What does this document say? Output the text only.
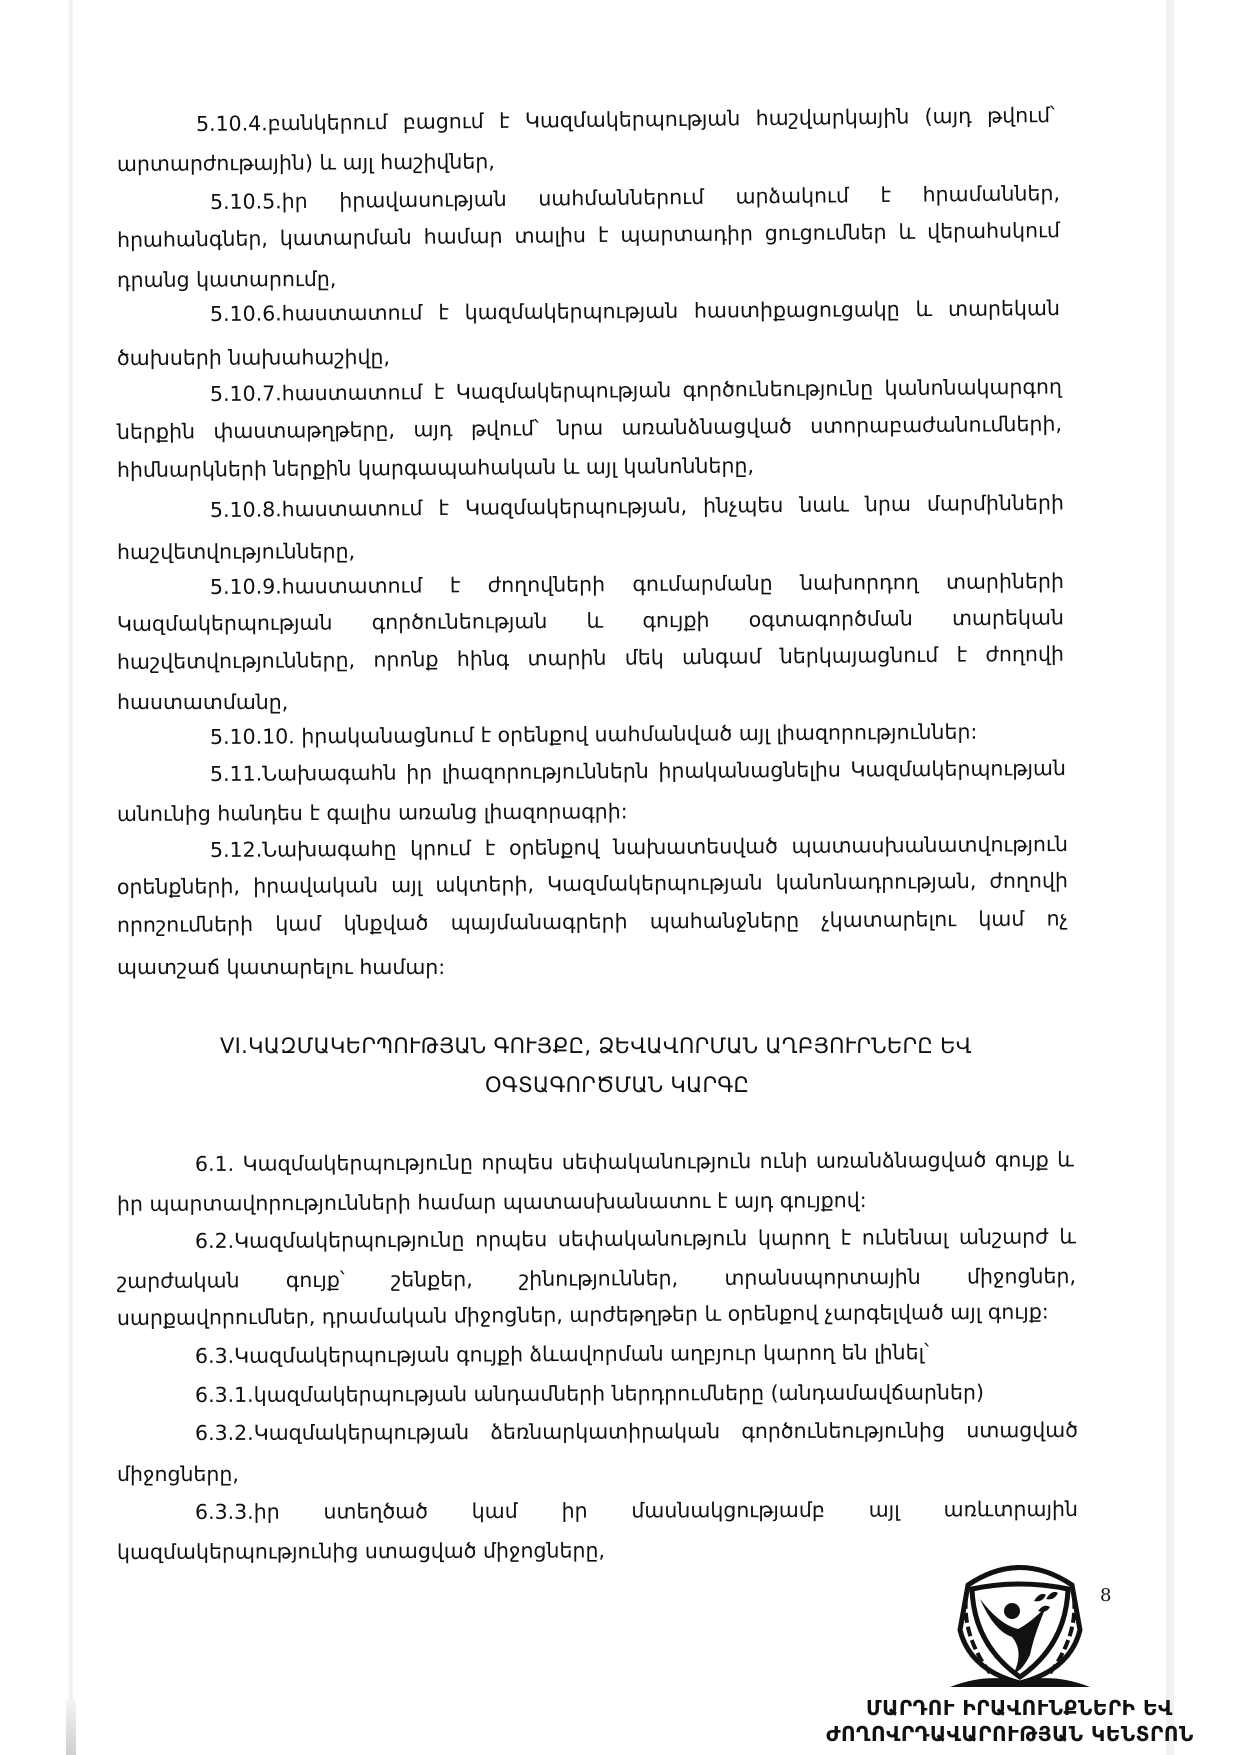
5.10.4.բանկերում բացում է Կազմակերպության հաշվարկային (այդ թվում՝
արտարժութային) և այլ հաշիվներ,
5.10.5.իր իրավասության սահմաններում արձակում է հրամաններ,
հրահանգներ, կատարման համար տալիս է պարտադիր ցուցումներ և վերահսկում
դրանց կատարումը,
5.10.6.հաստատում է կազմակերպության հաստիքացուցակը և տարեկան
ծախսերի նախահաշիվը,
5.10.7.հաստատում է Կազմակերպության գործունեությունը կանոնակարգող
ներքին փաստաթղթերը, այդ թվում՝ նրա առանձնացված ստորաբաժանումների,
հիմնարկների ներքին կարգապահական և այլ կանոնները,
5.10.8.հաստատում է Կազմակերպության, ինչպես նաև նրա մարմինների
հաշվետվությունները,
5.10.9.հաստատում է ժողովների գումարմանը նախորդող տարիների
Կազմակերպության գործունեության և գույքի օգտագործման տարեկան
հաշվետվությունները, որոնք հինգ տարին մեկ անգամ ներկայացնում է ժողովի
հաստատմանը,
5.10.10. իրականացնում է օրենքով սահմանված այլ լիազորություններ:
5.11.Նախագահն իր լիազորություններն իրականացնելիս Կազմակերպության
անունից հանդես է գալիս առանց լիազորագրի:
5.12.Նախագահը կրում է օրենքով նախատեսված պատասխանատվություն
օրենքների, իրավական այլ ակտերի, Կազմակերպության կանոնադրության, ժողովի
որոշումների կամ կնքված պայմանագրերի պահանջները չկատարելու կամ ոչ
պատշաճ կատարելու համար:
6.1. Կազմակերպությունը որպես սեփականություն ունի առանձնացված գույք և
իր պարտավորությունների համար պատասխանատու է այդ գույքով:
6.2.Կազմակերպությունը որպես սեփականություն կարող է ունենալ անշարժ և
շարժական գույք՝ շենքեր, շինություններ, տրանսպորտային միջոցներ,
սարքավորումներ, դրամական միջոցներ, արժեթղթեր և օրենքով չարգելված այլ գույք:
6.3.Կազմակերպության գույքի ձևավորման աղբյուր կարող են լինել՝
6.3.1.կազմակերպության անդամների ներդրումները (անդամավճարներ)
6.3.2.Կազմակերպության ձեռնարկատիրական գործունեությունից ստացված
միջոցները,
6.3.3.իր ստեղծած կամ իր մասնակցությամբ այլ առևտրային
կազմակերպությունից ստացված միջոցները,
VI.ԿԱԶՄԱԿԵՐՊՈՒԹՅԱՆ ԳՈՒՅՔԸ, ՁԵՎԱՎՈՐՄԱՆ ԱՂԲՅՈՒՐՆԵՐԸ ԵՎ
ՕԳՏԱԳՈՐԾՄԱՆ ԿԱՐԳԸ
8
ՄԱՐԴՈՒ ԻՐԱՎՈՒՆՔՆԵՐԻ ԵՎ
ԺՈՂՈՎՐԴԱՎԱՐՈՒԹՅԱՆ ԿԵՆՏՐՈՆ
